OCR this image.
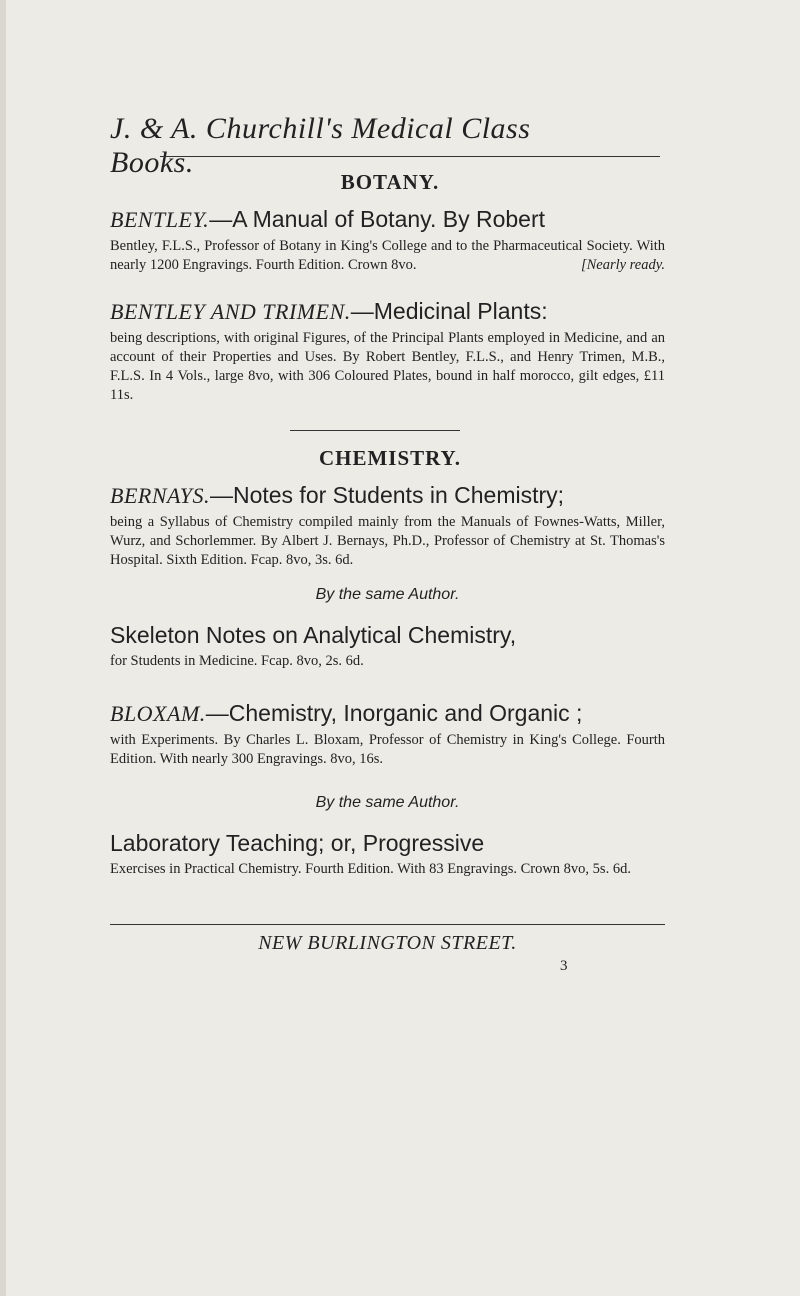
J. & A. Churchill's Medical Class Books.
BOTANY.
BENTLEY.—A Manual of Botany. By Robert
Bentley, F.L.S., Professor of Botany in King's College and to the Pharmaceutical Society. With nearly 1200 Engravings. Fourth Edition. Crown 8vo.	[Nearly ready.
BENTLEY AND TRIMEN.—Medicinal Plants:
being descriptions, with original Figures, of the Principal Plants employed in Medicine, and an account of their Properties and Uses. By Robert Bentley, F.L.S., and Henry Trimen, M.B., F.L.S. In 4 Vols., large 8vo, with 306 Coloured Plates, bound in half morocco, gilt edges, £11 11s.
CHEMISTRY.
BERNAYS.—Notes for Students in Chemistry;
being a Syllabus of Chemistry compiled mainly from the Manuals of Fownes-Watts, Miller, Wurz, and Schorlemmer. By Albert J. Bernays, Ph.D., Professor of Chemistry at St. Thomas's Hospital. Sixth Edition. Fcap. 8vo, 3s. 6d.
By the same Author.
Skeleton Notes on Analytical Chemistry,
for Students in Medicine. Fcap. 8vo, 2s. 6d.
BLOXAM.—Chemistry, Inorganic and Organic ;
with Experiments. By Charles L. Bloxam, Professor of Chemistry in King's College. Fourth Edition. With nearly 300 Engravings. 8vo, 16s.
By the same Author.
Laboratory Teaching; or, Progressive
Exercises in Practical Chemistry. Fourth Edition. With 83 Engravings. Crown 8vo, 5s. 6d.
NEW BURLINGTON STREET.
3
